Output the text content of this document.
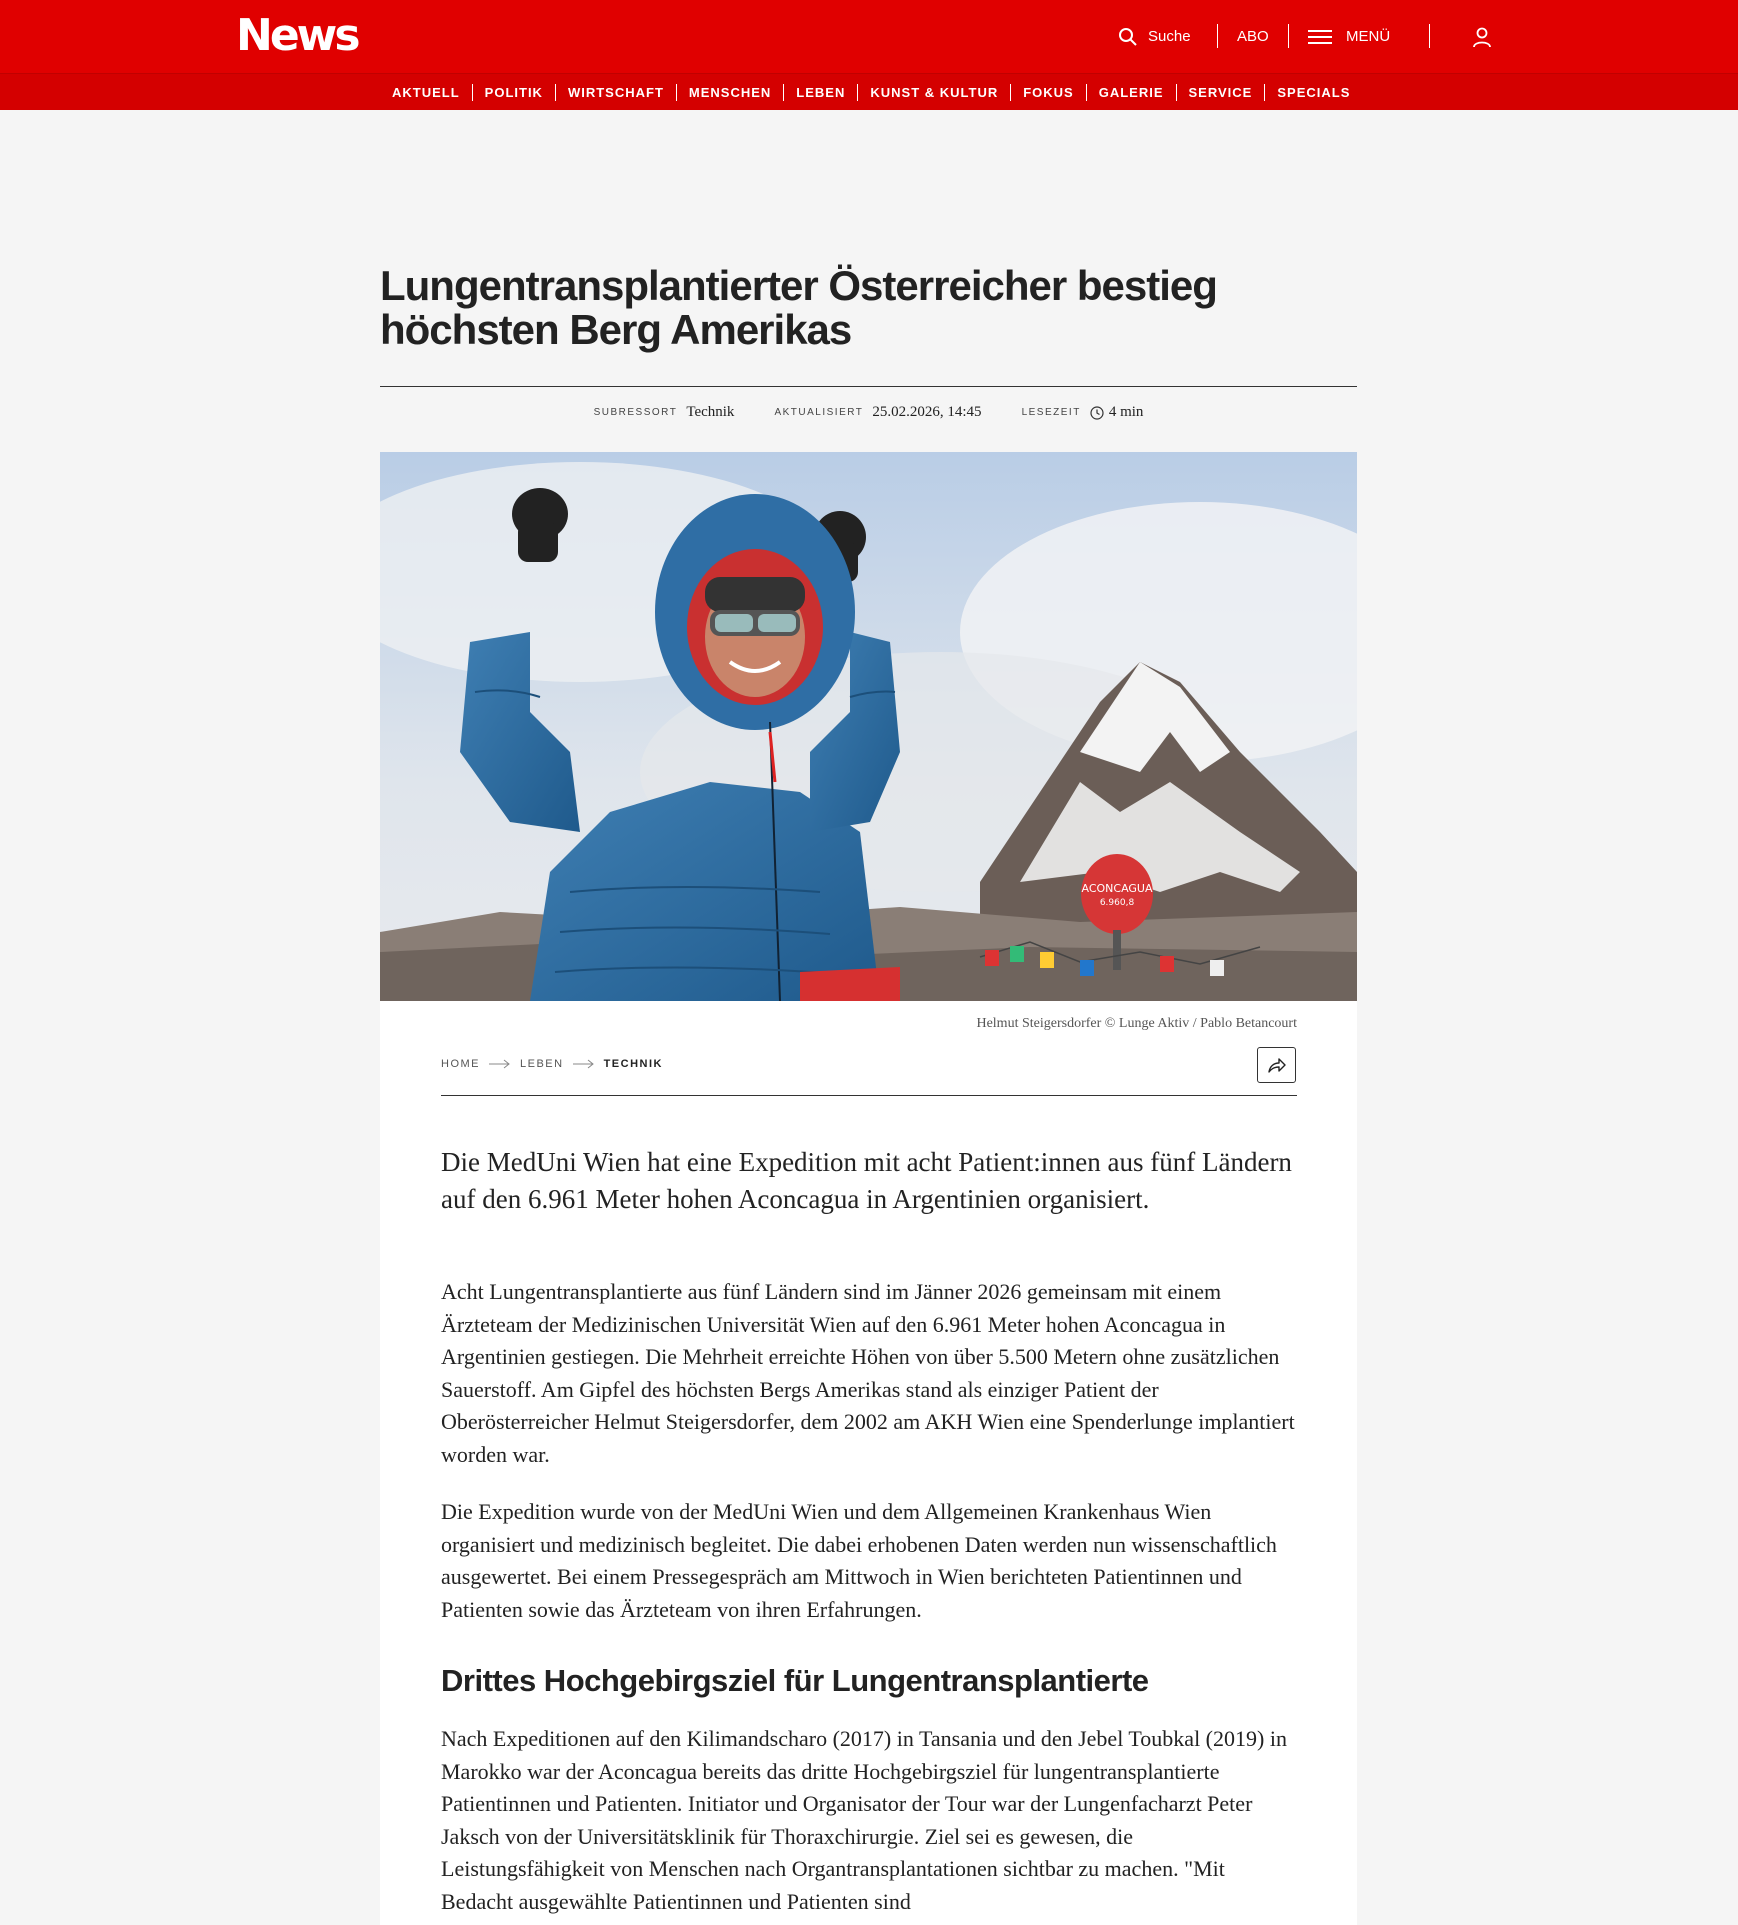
News	Suche	ABO	MENÜ
AKTUELL	POLITIK	WIRTSCHAFT	MENSCHEN	LEBEN	KUNST & KULTUR	FOKUS	GALERIE	SERVICE	SPECIALS
Lungentransplantierter Österreicher bestieg höchsten Berg Amerikas
SUBRESSORT Technik	AKTUALISIERT 25.02.2026, 14:45	LESEZEIT 4 min
ACONCAGUA
6.960,8
Helmut Steigersdorfer © Lunge Aktiv / Pablo Betancourt
HOME	LEBEN	TECHNIK

Die MedUni Wien hat eine Expedition mit acht Patient:innen aus fünf Ländern auf den 6.961 Meter hohen Aconcagua in Argentinien organisiert.

Acht Lungentransplantierte aus fünf Ländern sind im Jänner 2026 gemeinsam mit einem Ärzteteam der Medizinischen Universität Wien auf den 6.961 Meter hohen Aconcagua in Argentinien gestiegen. Die Mehrheit erreichte Höhen von über 5.500 Metern ohne zusätzlichen Sauerstoff. Am Gipfel des höchsten Bergs Amerikas stand als einziger Patient der Oberösterreicher Helmut Steigersdorfer, dem 2002 am AKH Wien eine Spenderlunge implantiert worden war.

Die Expedition wurde von der MedUni Wien und dem Allgemeinen Krankenhaus Wien organisiert und medizinisch begleitet. Die dabei erhobenen Daten werden nun wissenschaftlich ausgewertet. Bei einem Pressegespräch am Mittwoch in Wien berichteten Patientinnen und Patienten sowie das Ärzteteam von ihren Erfahrungen.

Drittes Hochgebirgsziel für Lungentransplantierte

Nach Expeditionen auf den Kilimandscharo (2017) in Tansania und den Jebel Toubkal (2019) in Marokko war der Aconcagua bereits das dritte Hochgebirgsziel für lungentransplantierte Patientinnen und Patienten. Initiator und Organisator der Tour war der Lungenfacharzt Peter Jaksch von der Universitätsklinik für Thoraxchirurgie. Ziel sei es gewesen, die Leistungsfähigkeit von Menschen nach Organtransplantationen sichtbar zu machen. "Mit Bedacht ausgewählte Patientinnen und Patienten sind
